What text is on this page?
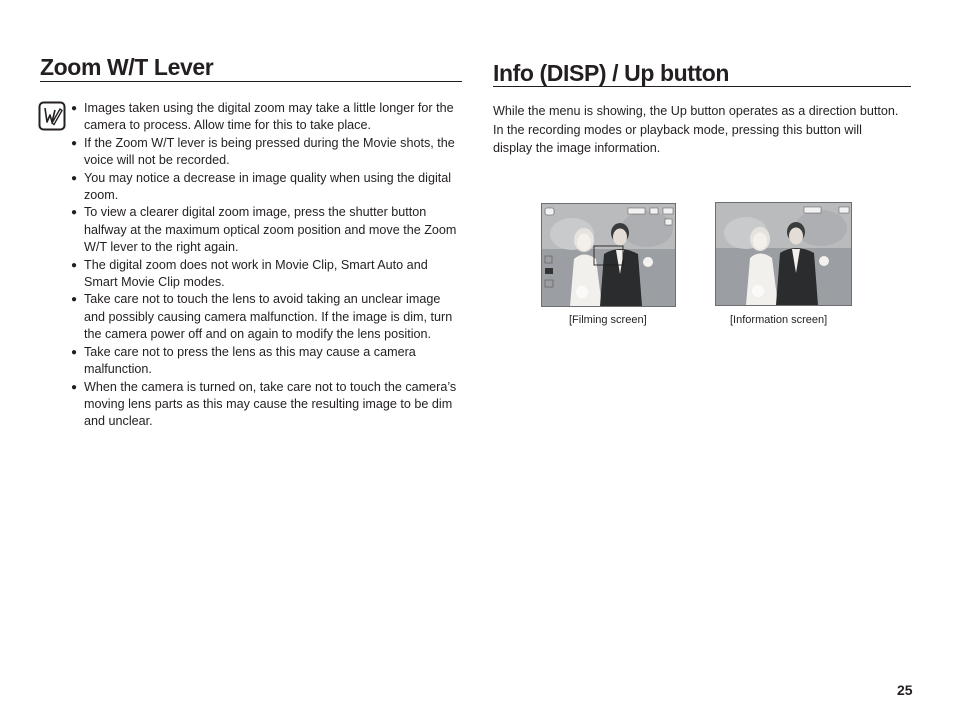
Zoom W/T Lever
● Images taken using the digital zoom may take a little longer for the camera to process. Allow time for this to take place.
● If the Zoom W/T lever is being pressed during the Movie shots, the voice will not be recorded.
● You may notice a decrease in image quality when using the digital zoom.
● To view a clearer digital zoom image, press the shutter button halfway at the maximum optical zoom position and move the Zoom W/T lever to the right again.
● The digital zoom does not work in Movie Clip, Smart Auto and Smart Movie Clip modes.
● Take care not to touch the lens to avoid taking an unclear image and possibly causing camera malfunction. If the image is dim, turn the camera power off and on again to modify the lens position.
● Take care not to press the lens as this may cause a camera malfunction.
● When the camera is turned on, take care not to touch the camera’s moving lens parts as this may cause the resulting image to be dim and unclear.
Info (DISP) / Up button

While the menu is showing, the Up button operates as a direction button.
In the recording modes or playback mode, pressing this button will
display the image information.

[Filming screen]	[Information screen]
25
